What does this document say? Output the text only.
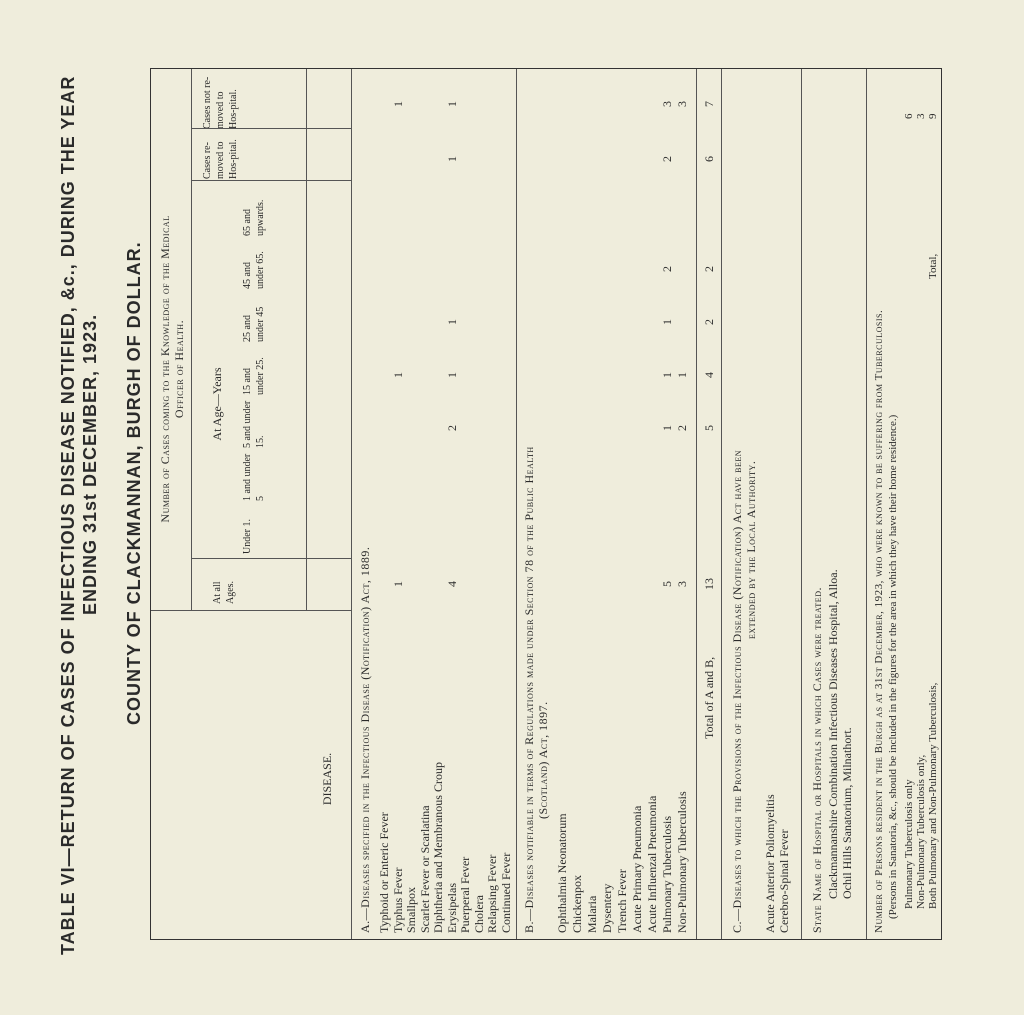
TABLE VI—RETURN OF CASES OF INFECTIOUS DISEASE NOTIFIED, &c., DURING THE YEAR ENDING 31st DECEMBER, 1923. COUNTY OF CLACKMANNAN, BURGH OF DOLLAR.
DISEASE.
Number of Cases coming to the Knowledge of the Medical Officer of Health. At Age—Years
At all Ages.
Under 1.
1 and under 5
5 and under 15.
15 and under 25.
25 and under 45
45 and under 65.
65 and upwards.
Cases re-moved to Hos-pital.
Cases not re-moved to Hos-pital.
A.—Diseases specified in the Infectious Disease (Notification) Act, 1889. Typhoid or Enteric Fever Typhus Fever
1
1
1
Smallpox Scarlet Fever or Scarlatina Diphtheria and Membranous Croup Erysipelas
4
2
1
1
1
1
Puerperal Fever Cholera Relapsing Fever Continued Fever B.—Diseases notifiable in terms of Regulations made under Section 78 of the Public Health (Scotland) Act, 1897.
Ophthalmia Neonatorum Chickenpox Malaria Dysentery Trench Fever Acute Primary Pneumonia Acute Influenzal Pneumonia Pulmonary Tuberculosis
5
1
1
1
2
2
3
Non-Pulmonary Tuberculosis
3
2
1
3
Total of A and B,
13
5
4
2
2
6
7
C.—Diseases to which the Provisions of the Infectious Disease (Notification) Act have been extended by the Local Authority.
Acute Anterior Poliomyelitis Cerebro-Spinal Fever State Name of Hospital or Hospitals in which Cases were treated. Clackmannanshire Combination Infectious Diseases Hospital, Alloa. Ochil Hills Sanatorium, Milnathort. Number of Persons resident in the Burgh as at 31st December, 1923, who were known to be suffering from Tuberculosis. (Persons in Sanatoria, &c., should be included in the figures for the area in which they have their home residence.) Pulmonary Tuberculosis only
6
Non-Pulmonary Tuberculosis only,
3
Both Pulmonary and Non-Pulmonary Tuberculosis,
Total,
9
